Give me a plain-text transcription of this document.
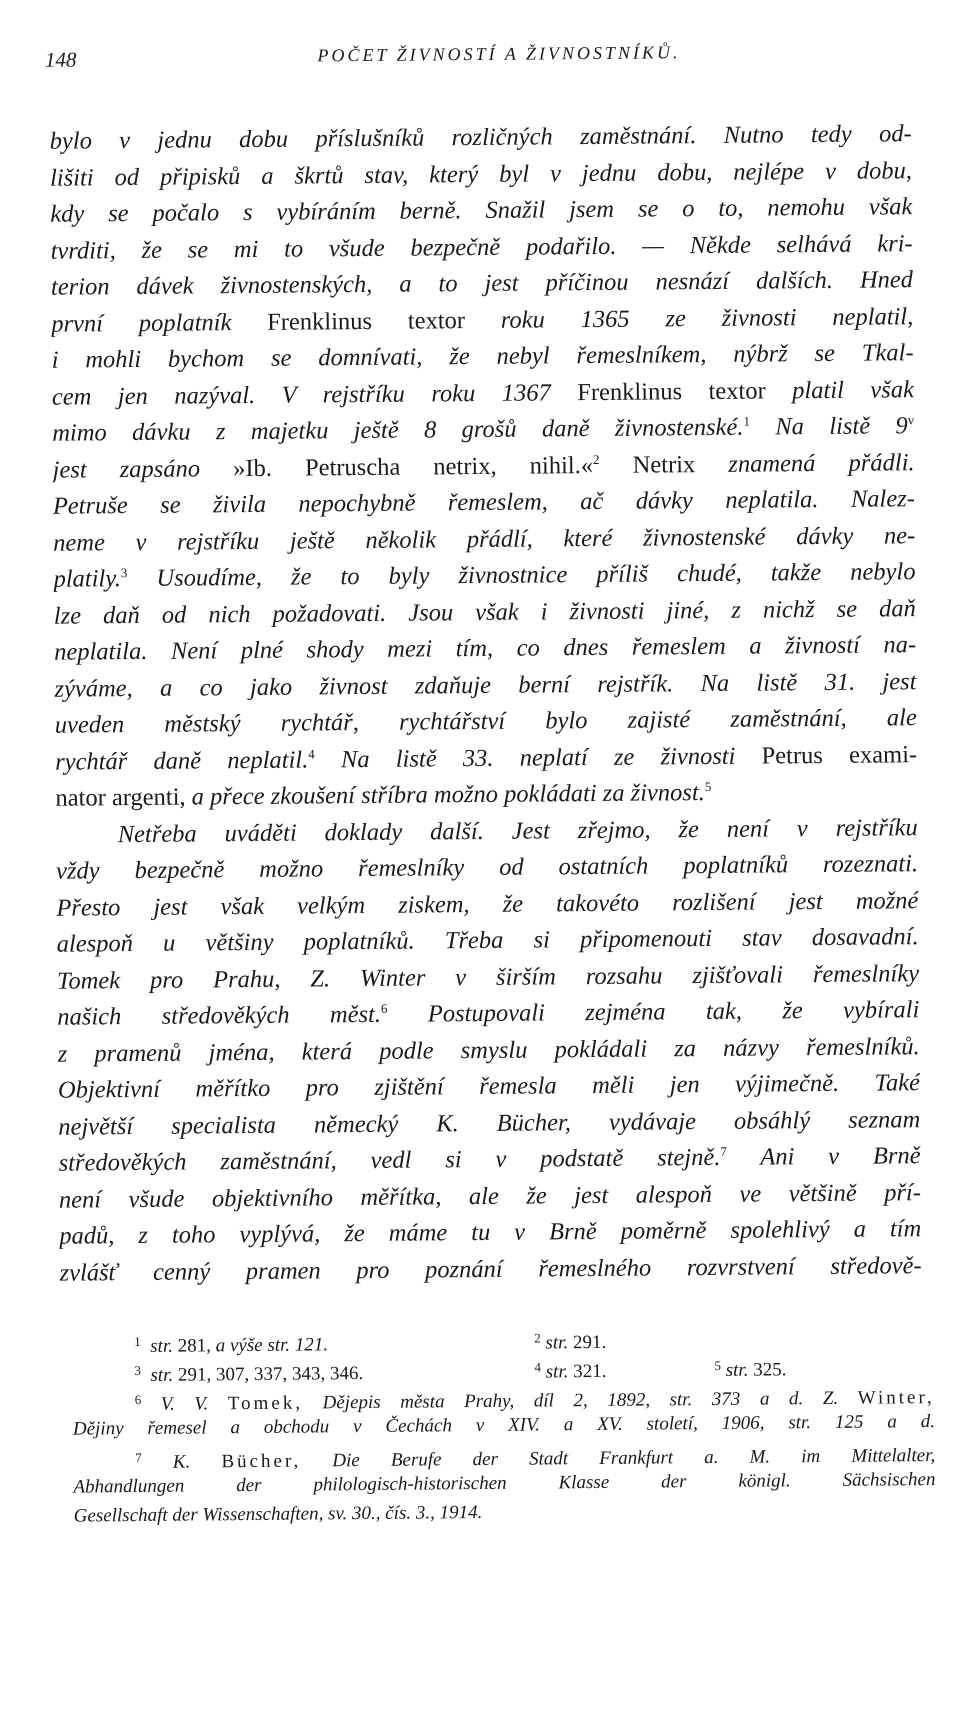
148	POČET ŽIVNOSTÍ A ŽIVNOSTNÍKŮ.
bylo v jednu dobu příslušníků rozličných zaměstnání. Nutno tedy od-
lišiti od připisků a škrtů stav, který byl v jednu dobu, nejlépe v dobu,
kdy se počalo s vybíráním berně. Snažil jsem se o to, nemohu však
tvrditi, že se mi to všude bezpečně podařilo. — Někde selhává kri-
terion dávek živnostenských, a to jest příčinou nesnází dalších. Hned
první poplatník Frenklinus textor roku 1365 ze živnosti neplatil,
i mohli bychom se domnívati, že nebyl řemeslníkem, nýbrž se Tkal-
cem jen nazýval. V rejstříku roku 1367 Frenklinus textor platil však
mimo dávku z majetku ještě 8 grošů daně živnostenské.$^1$ Na listě 9$^v$
jest zapsáno »Ib. Petruscha netrix, nihil.«$^2$ Netrix znamená přádli.
Petruše se živila nepochybně řemeslem, ač dávky neplatila. Nalez-
neme v rejstříku ještě několik přádlí, které živnostenské dávky ne-
platily.$^3$ Usoudíme, že to byly živnostnice příliš chudé, takže nebylo
lze daň od nich požadovati. Jsou však i živnosti jiné, z nichž se daň
neplatila. Není plné shody mezi tím, co dnes řemeslem a živností na-
zýváme, a co jako živnost zdaňuje berní rejstřík. Na listě 31. jest
uveden městský rychtář, rychtářství bylo zajisté zaměstnání, ale
rychtář daně neplatil.$^4$ Na listě 33. neplatí ze živnosti Petrus exami-
nator argenti, a přece zkoušení stříbra možno pokládati za živnost.$^5$
Netřeba uváděti doklady další. Jest zřejmo, že není v rejstříku
vždy bezpečně možno řemeslníky od ostatních poplatníků rozeznati.
Přesto jest však velkým ziskem, že takovéto rozlišení jest možné
alespoň u většiny poplatníků. Třeba si připomenouti stav dosavadní.
Tomek pro Prahu, Z. Winter v širším rozsahu zjišťovali řemeslníky
našich středověkých měst.$^6$ Postupovali zejména tak, že vybírali
z pramenů jména, která podle smyslu pokládali za názvy řemeslníků.
Objektivní měřítko pro zjištění řemesla měli jen výjimečně. Také
největší specialista německý K. Bücher, vydávaje obsáhlý seznam
středověkých zaměstnání, vedl si v podstatě stejně.$^7$ Ani v Brně
není všude objektivního měřítka, ale že jest alespoň ve většině pří-
padů, z toho vyplývá, že máme tu v Brně poměrně spolehlivý a tím
zvlášť cenný pramen pro poznání řemeslného rozvrstvení středově-
$^1$ str. 281, a výše str. 121.	$^2$ str. 291.
$^3$ str. 291, 307, 337, 343, 346.	$^4$ str. 321.	$^5$ str. 325.
$^6$ V. V. Tomek, Dějepis města Prahy, díl 2, 1892, str. 373 a d. Z. Winter,
Dějiny řemesel a obchodu v Čechách v XIV. a XV. století, 1906, str. 125 a d.
$^7$ K. Bücher, Die Berufe der Stadt Frankfurt a. M. im Mittelalter,
Abhandlungen der philologisch-historischen Klasse der königl. Sächsischen
Gesellschaft der Wissenschaften, sv. 30., čís. 3., 1914.
